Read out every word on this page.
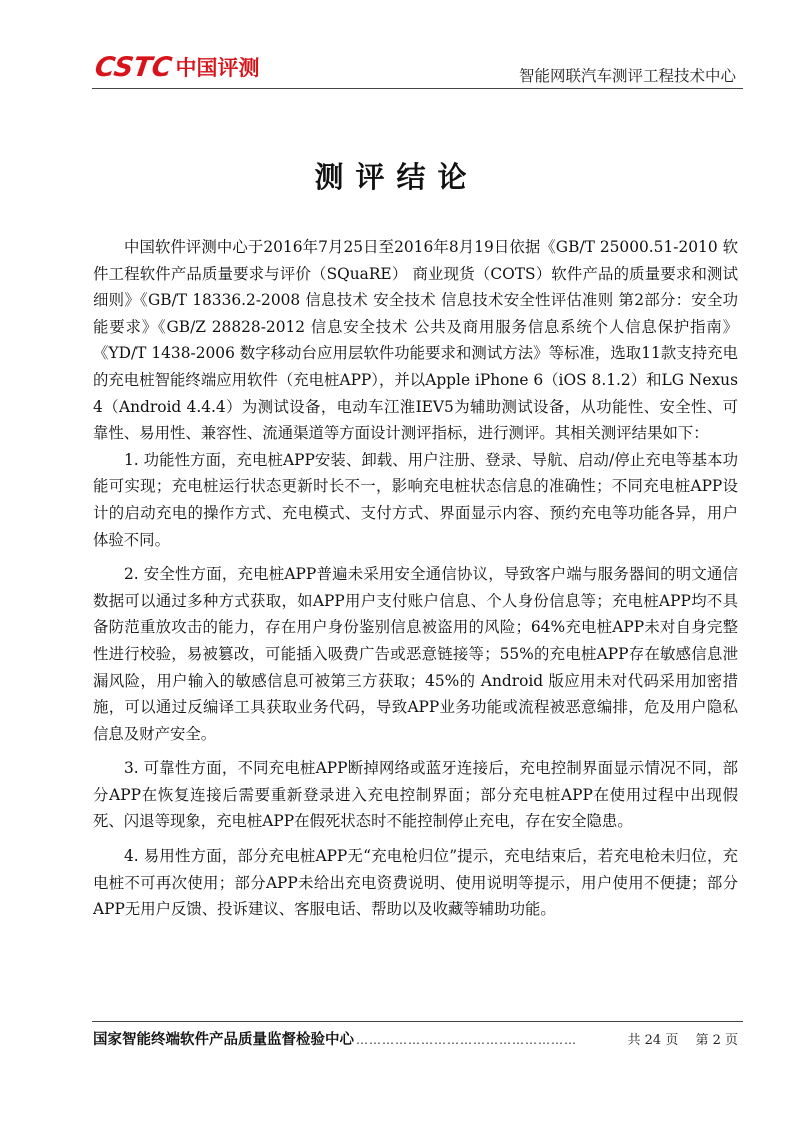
CSTC 中国评测	智能网联汽车测评工程技术中心
测评结论

中国软件评测中心于2016年7月25日至2016年8月19日依据《GB/T 25000.51-2010 软件工程软件产品质量要求与评价（SQuaRE） 商业现货（COTS）软件产品的质量要求和测试细则》《GB/T 18336.2-2008 信息技术 安全技术 信息技术安全性评估准则 第2部分：安全功能要求》《GB/Z 28828-2012 信息安全技术 公共及商用服务信息系统个人信息保护指南》《YD/T 1438-2006 数字移动台应用层软件功能要求和测试方法》等标准，选取11款支持充电的充电桩智能终端应用软件（充电桩APP），并以Apple iPhone 6（iOS 8.1.2）和LG Nexus 4（Android 4.4.4）为测试设备，电动车江淮IEV5为辅助测试设备，从功能性、安全性、可靠性、易用性、兼容性、流通渠道等方面设计测评指标，进行测评。其相关测评结果如下：

1. 功能性方面，充电桩APP安装、卸载、用户注册、登录、导航、启动/停止充电等基本功能可实现；充电桩运行状态更新时长不一，影响充电桩状态信息的准确性；不同充电桩APP设计的启动充电的操作方式、充电模式、支付方式、界面显示内容、预约充电等功能各异，用户体验不同。

2. 安全性方面，充电桩APP普遍未采用安全通信协议，导致客户端与服务器间的明文通信数据可以通过多种方式获取，如APP用户支付账户信息、个人身份信息等；充电桩APP均不具备防范重放攻击的能力，存在用户身份鉴别信息被盗用的风险；64%充电桩APP未对自身完整性进行校验，易被篡改，可能插入吸费广告或恶意链接等；55%的充电桩APP存在敏感信息泄漏风险，用户输入的敏感信息可被第三方获取；45%的 Android 版应用未对代码采用加密措施，可以通过反编译工具获取业务代码，导致APP业务功能或流程被恶意编排，危及用户隐私信息及财产安全。

3. 可靠性方面，不同充电桩APP断掉网络或蓝牙连接后，充电控制界面显示情况不同，部分APP在恢复连接后需要重新登录进入充电控制界面；部分充电桩APP在使用过程中出现假死、闪退等现象，充电桩APP在假死状态时不能控制停止充电，存在安全隐患。

4. 易用性方面，部分充电桩APP无“充电枪归位”提示，充电结束后，若充电枪未归位，充电桩不可再次使用；部分APP未给出充电资费说明、使用说明等提示，用户使用不便捷；部分APP无用户反馈、投诉建议、客服电话、帮助以及收藏等辅助功能。

国家智能终端软件产品质量监督检验中心 ……………………………………………	共 24 页　 第 2 页
